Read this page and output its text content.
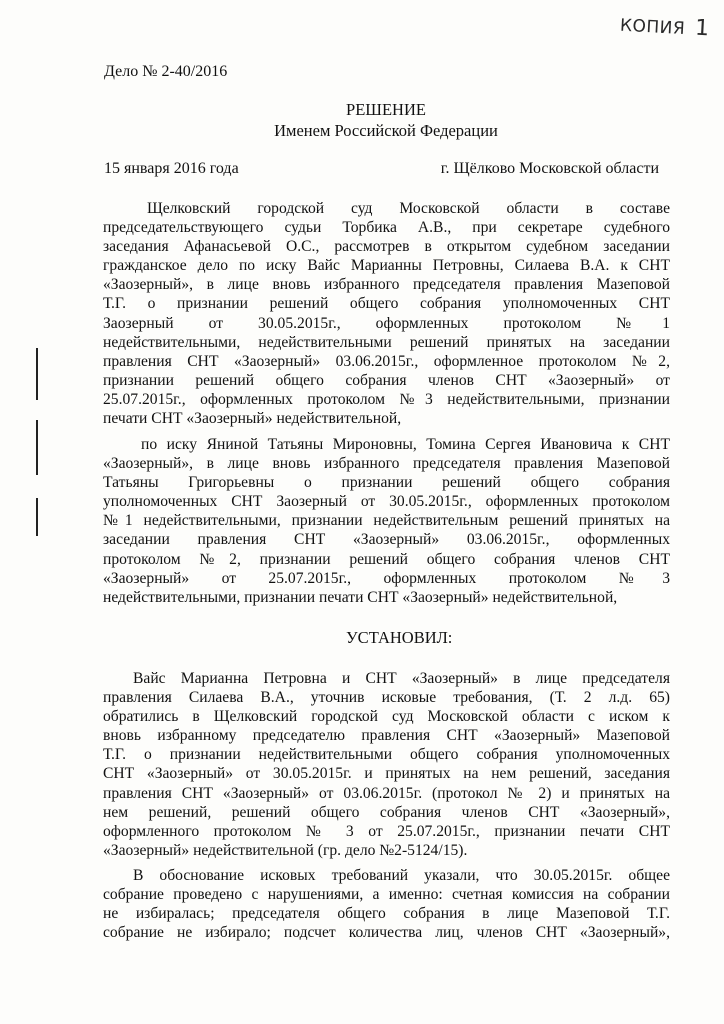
КОПИЯ 1
Дело № 2-40/2016
РЕШЕНИЕ
Именем Российской Федерации
15 января 2016 года	г. Щёлково Московской области
Щелковский городской суд Московской области в составе
председательствующего судьи Торбика А.В., при секретаре судебного
заседания Афанасьевой О.С., рассмотрев в открытом судебном заседании
гражданское дело по иску Вайс Марианны Петровны, Силаева В.А. к СНТ
«Заозерный», в лице вновь избранного председателя правления Мазеповой
Т.Г. о признании решений общего собрания уполномоченных СНТ
Заозерный от 30.05.2015г., оформленных протоколом №1
недействительными, недействительными решений принятых на заседании
правления СНТ «Заозерный» 03.06.2015г., оформленное протоколом №2,
признании решений общего собрания членов СНТ «Заозерный» от
25.07.2015г., оформленных протоколом №3 недействительными, признании
печати СНТ «Заозерный» недействительной,
по иску Яниной Татьяны Мироновны, Томина Сергея Ивановича к СНТ
«Заозерный», в лице вновь избранного председателя правления Мазеповой
Татьяны Григорьевны о признании решений общего собрания
уполномоченных СНТ Заозерный от 30.05.2015г., оформленных протоколом
№1 недействительными, признании недействительным решений принятых на
заседании правления СНТ «Заозерный» 03.06.2015г., оформленных
протоколом №2, признании решений общего собрания членов СНТ
«Заозерный» от 25.07.2015г., оформленных протоколом №3
недействительными, признании печати СНТ «Заозерный» недействительной,
УСТАНОВИЛ:
Вайс Марианна Петровна и СНТ «Заозерный» в лице председателя
правления Силаева В.А., уточнив исковые требования, (Т. 2 л.д. 65)
обратились в Щелковский городской суд Московской области с иском к
вновь избранному председателю правления СНТ «Заозерный» Мазеповой
Т.Г. о признании недействительными общего собрания уполномоченных
СНТ «Заозерный» от 30.05.2015г. и принятых на нем решений, заседания
правления СНТ «Заозерный» от 03.06.2015г. (протокол № 2) и принятых на
нем решений, решений общего собрания членов СНТ «Заозерный»,
оформленного протоколом № 3 от 25.07.2015г., признании печати СНТ
«Заозерный» недействительной (гр. дело №2-5124/15).
В обоснование исковых требований указали, что 30.05.2015г. общее
собрание проведено с нарушениями, а именно: счетная комиссия на собрании
не избиралась; председателя общего собрания в лице Мазеповой Т.Г.
собрание не избирало; подсчет количества лиц, членов СНТ «Заозерный»,
